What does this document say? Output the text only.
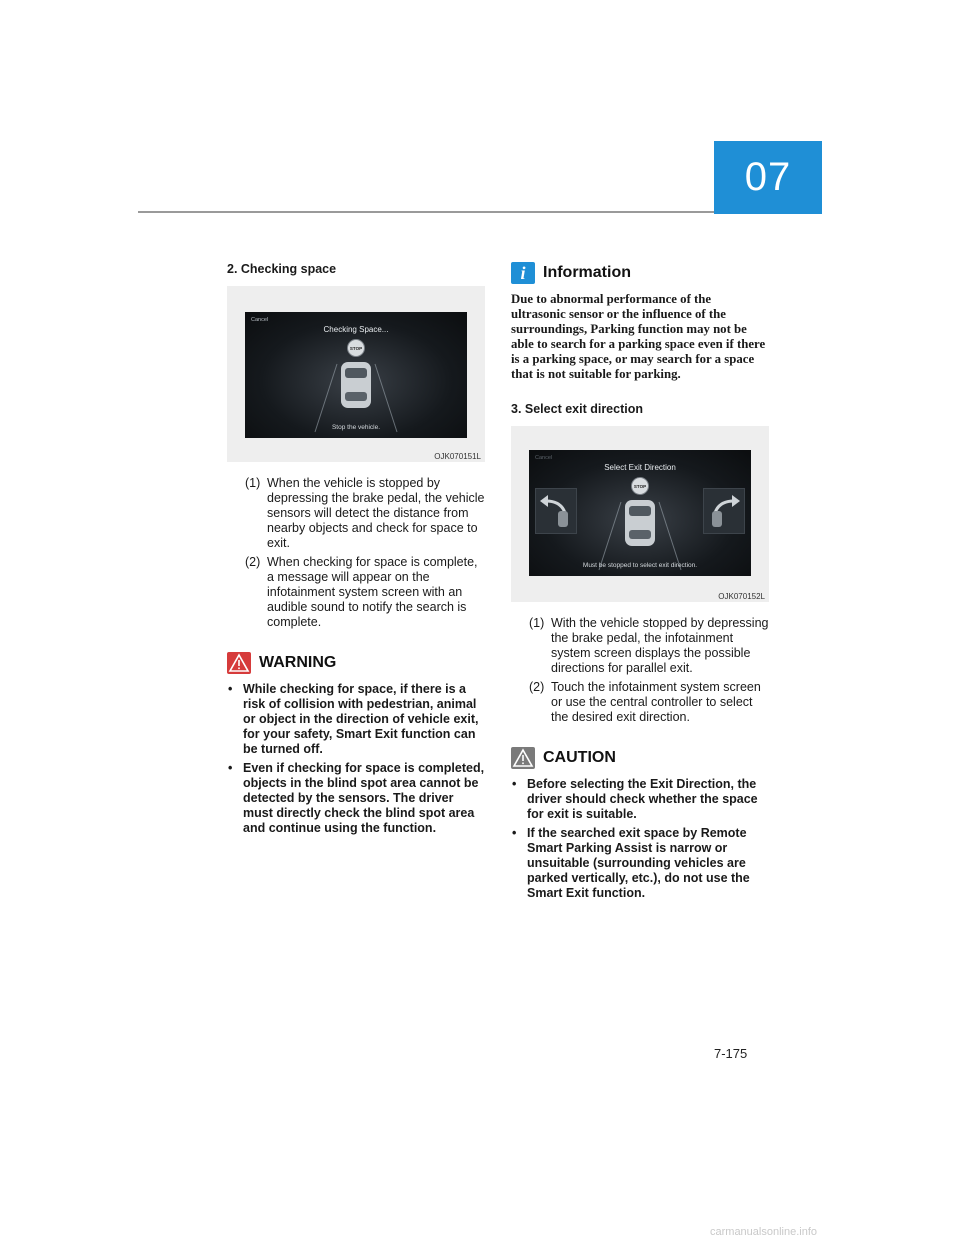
07

2. Checking space

Cancel
Checking Space...
STOP
Stop the vehicle.
OJK070151L
(1) When the vehicle is stopped by depressing the brake pedal, the vehicle sensors will detect the distance from nearby objects and check for space to exit.
(2) When checking for space is complete, a message will appear on the infotainment system screen with an audible sound to notify the search is complete.
WARNING
• While checking for space, if there is a risk of collision with pedestrian, animal or object in the direction of vehicle exit, for your safety, Smart Exit function can be turned off.
• Even if checking for space is completed, objects in the blind spot area cannot be detected by the sensors. The driver must directly check the blind spot area and continue using the function.
i	Information

Due to abnormal performance of the ultrasonic sensor or the influence of the surroundings, Parking function may not be able to search for a parking space even if there is a parking space, or may search for a space that is not suitable for parking.

3. Select exit direction

Cancel
Select Exit Direction
STOP
Must be stopped to select exit direction.
OJK070152L
(1) With the vehicle stopped by depressing the brake pedal, the infotainment system screen displays the possible directions for parallel exit.
(2) Touch the infotainment system screen or use the central controller to select the desired exit direction.
CAUTION
• Before selecting the Exit Direction, the driver should check whether the space for exit is suitable.
• If the searched exit space by Remote Smart Parking Assist is narrow or unsuitable (surrounding vehicles are parked vertically, etc.), do not use the Smart Exit function.
7-175
carmanualsonline.info
